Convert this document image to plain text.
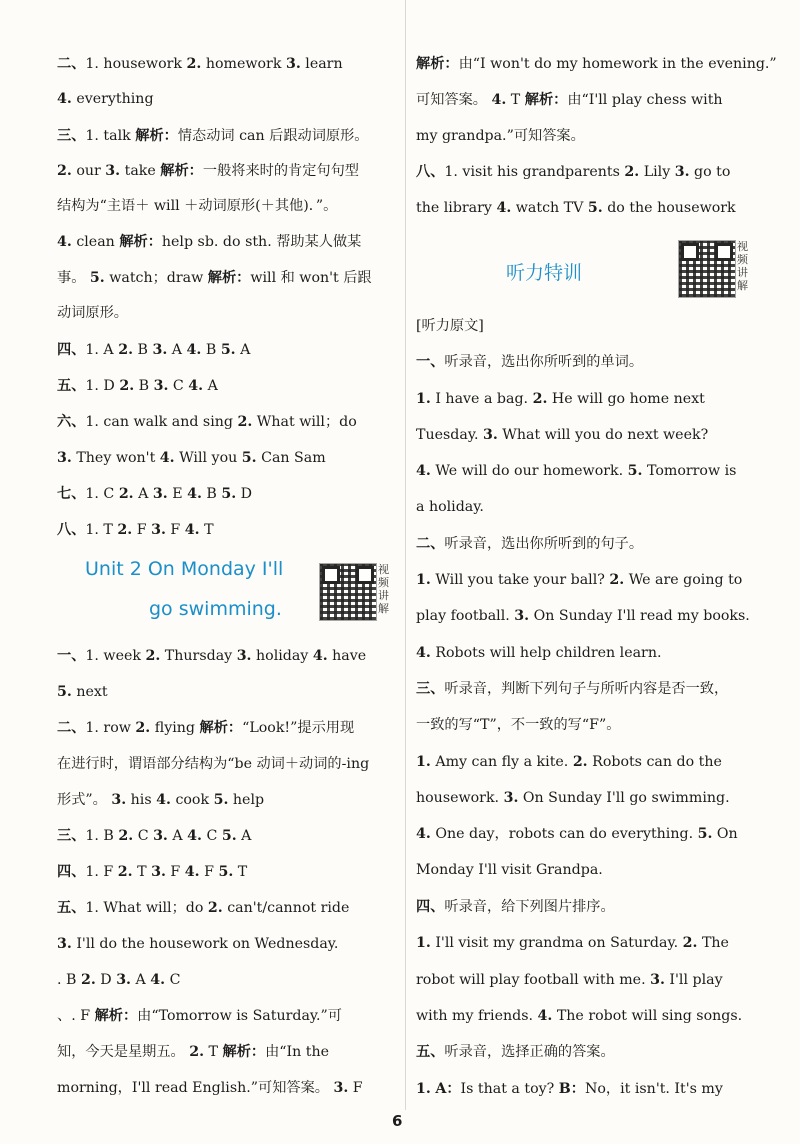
二、1. housework 2. homework 3. learn
4. everything
三、1. talk 解析：情态动词 can 后跟动词原形。
2. our 3. take 解析：一般将来时的肯定句句型
结构为“主语＋ will ＋动词原形(＋其他)．”。
4. clean 解析：help sb. do sth. 帮助某人做某
事。 5. watch；draw 解析：will 和 won't 后跟
动词原形。
四、1. A 2. B 3. A 4. B 5. A
五、1. D 2. B 3. C 4. A
六、1. can walk and sing 2. What will；do
3. They won't 4. Will you 5. Can Sam
七、1. C 2. A 3. E 4. B 5. D
八、1. T 2. F 3. F 4. T
Unit 2 On Monday I'll
go swimming.
视频讲解
一、1. week 2. Thursday 3. holiday 4. have
5. next
二、1. row 2. flying 解析：“Look!”提示用现
在进行时，谓语部分结构为“be 动词＋动词的-ing
形式”。 3. his 4. cook 5. help
三、1. B 2. C 3. A 4. C 5. A
四、1. F 2. T 3. F 4. F 5. T
五、1. What will；do 2. can't/cannot ride
3. I'll do the housework on Wednesday.
. B 2. D 3. A 4. C
、. F 解析：由“Tomorrow is Saturday.”可
知，今天是星期五。 2. T 解析：由“In the
morning，I'll read English.”可知答案。 3. F
解析：由“I won't do my homework in the evening.”
可知答案。 4. T 解析：由“I'll play chess with
my grandpa.”可知答案。
八、1. visit his grandparents 2. Lily 3. go to
the library 4. watch TV 5. do the housework
听力特训
视频讲解
[听力原文]
一、听录音，选出你所听到的单词。
1. I have a bag. 2. He will go home next
Tuesday. 3. What will you do next week?
4. We will do our homework. 5. Tomorrow is
a holiday.
二、听录音，选出你所听到的句子。
1. Will you take your ball? 2. We are going to
play football. 3. On Sunday I'll read my books.
4. Robots will help children learn.
三、听录音，判断下列句子与所听内容是否一致，
一致的写“T”，不一致的写“F”。
1. Amy can fly a kite. 2. Robots can do the
housework. 3. On Sunday I'll go swimming.
4. One day，robots can do everything. 5. On
Monday I'll visit Grandpa.
四、听录音，给下列图片排序。
1. I'll visit my grandma on Saturday. 2. The
robot will play football with me. 3. I'll play
with my friends. 4. The robot will sing songs.
五、听录音，选择正确的答案。
1. A：Is that a toy? B：No，it isn't. It's my
6
